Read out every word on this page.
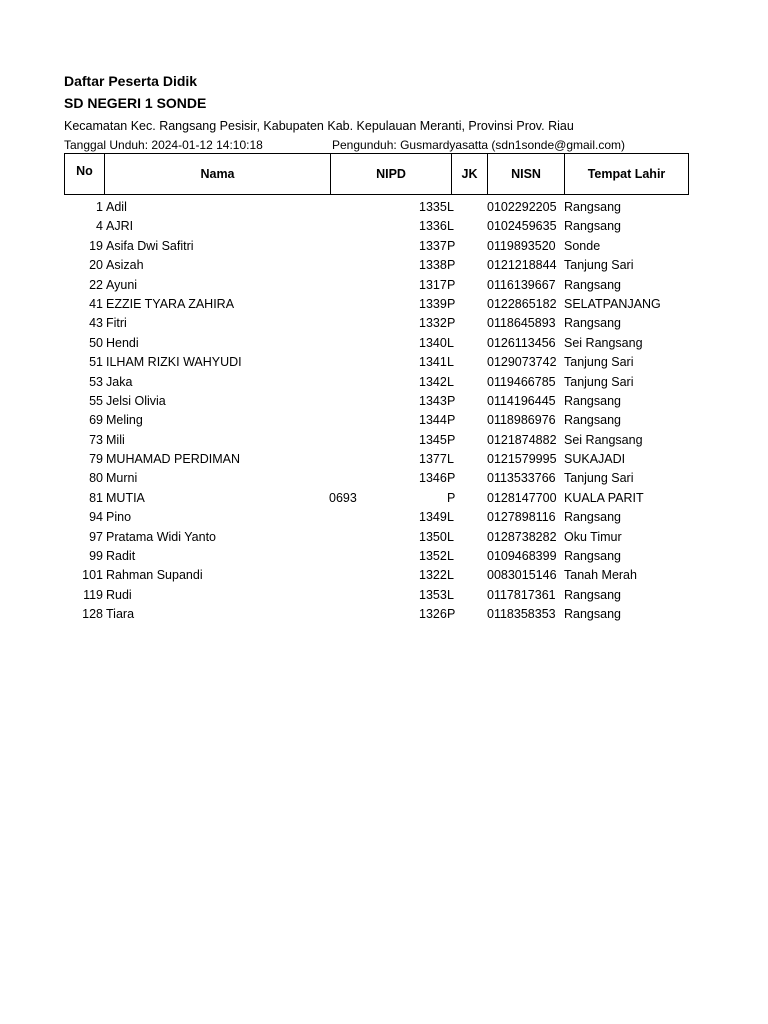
Daftar Peserta Didik
SD NEGERI 1 SONDE
Kecamatan Kec. Rangsang Pesisir, Kabupaten Kab. Kepulauan Meranti, Provinsi Prov. Riau
Tanggal Unduh: 2024-01-12 14:10:18	Pengunduh: Gusmardyasatta (sdn1sonde@gmail.com)
No	Nama	NIPD	JK	NISN	Tempat Lahir
1 Adil	1335 L	0102292205 Rangsang
4 AJRI	1336 L	0102459635 Rangsang
19 Asifa Dwi Safitri	1337 P	0119893520 Sonde
20 Asizah	1338 P	0121218844 Tanjung Sari
22 Ayuni	1317 P	0116139667 Rangsang
41 EZZIE TYARA ZAHIRA	1339 P	0122865182 SELATPANJANG
43 Fitri	1332 P	0118645893 Rangsang
50 Hendi	1340 L	0126113456 Sei Rangsang
51 ILHAM RIZKI WAHYUDI	1341 L	0129073742 Tanjung Sari
53 Jaka	1342 L	0119466785 Tanjung Sari
55 Jelsi Olivia	1343 P	0114196445 Rangsang
69 Meling	1344 P	0118986976 Rangsang
73 Mili	1345 P	0121874882 Sei Rangsang
79 MUHAMAD PERDIMAN	1377 L	0121579995 SUKAJADI
80 Murni	1346 P	0113533766 Tanjung Sari
81 MUTIA	0693	P	0128147700 KUALA PARIT
94 Pino	1349 L	0127898116 Rangsang
97 Pratama Widi Yanto	1350 L	0128738282 Oku Timur
99 Radit	1352 L	0109468399 Rangsang
101 Rahman Supandi	1322 L	0083015146 Tanah Merah
119 Rudi	1353 L	0117817361 Rangsang
128 Tiara	1326 P	0118358353 Rangsang
